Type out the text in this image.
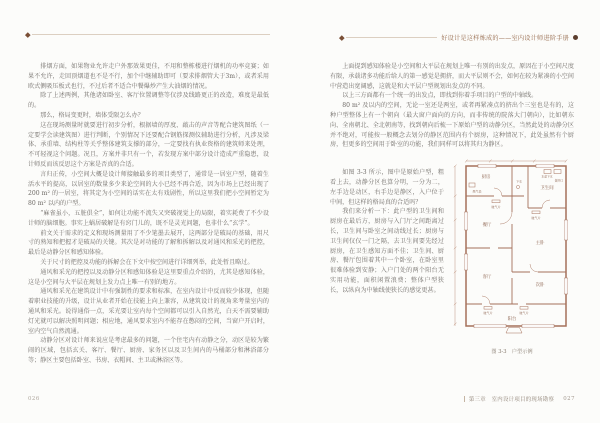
排烟方面，如果物业允许走户外那效果更佳，不用和整栋楼进行烟机的功率竞赛；如果不允许，走回顶烟道也不是不行，加个中继辅助即可（要求排烟管大于3m），或者采用欧式侧吸压板式也行，不过后者不适合中餐爆炒产生大油烟的情况。

除了上述两例，其他诸如卧室、客厅位置调整等仅涉及线路更正的改造，难度是最低的。

那么，格局变更时，墙体受限怎么办？

这在现场测量时就要进行初步分析，根据墙的厚度、敲击的声音等配合建筑图纸（一定要学会读建筑图）进行判断，个别情况下还要配合钢筋探测仪辅助进行分析，凡涉及梁体、承重墙、结构柱等关乎整体建筑支撑的部分，一定要找有执业资格的建筑师来处理，不可轻视这个问题。况且，方案并非只有一个，若发现方案中部分设计造成严重隐患，设计师反而该反思这个方案是否真的合适。

言归正传，小空间大概是设计师接触最多的项目类型了，通常是一居室户型，随着生活水平的提高，以居室的数量多少来论空间的大小已经不再合适，因为市场上已经出现了 200 m² 的一居室，将其定为小空间的话实在太有戏剧性，所以这里我们把小空间暂定为 80 m² 以内的户型。

“麻雀虽小，五脏俱全”，如何让功能不流失又突破视觉上的局限，着实耗费了不少设计师的脑细胞。事实上蜗居破解是有窍门儿的，既不是灵光问题，也非什么“玄学”。

前文关于需求的定义和现场测量用了不少笔墨去展开，这两部分是破局的基础，用尺寸的熟知和把握才是破局的关键。其次是对功能的了解和拆解以及对通风和采光的把控，最后是动静分区和感知体验。

关于尺寸的把控及功能的拆解会在下文中按空间进行详细列举，此处暂且略过。

通风和采光的把控以及动静分区和感知体验是这里要重点介绍的，尤其是感知体验，这是小空间与大平层在规划上发力点上唯一有别的地方。

通风和采光在建筑设计中有强制性的要求和标准，在室内设计中反而较少体现，但随着职业技能的升级，设计从业者开始在技能上向上兼容，从建筑设计的视角来考量室内的通风和采光。说得通俗一点，采光要让室内每个空间都可以引入自然光，白天不需要辅助灯光就可以解决照明问题；相应地，通风要求室内不能存在憋闷的空间，当窗户开启时，室内空气自然流通。

动静分区对设计师来说应是考虑最多的问题，一个住宅内有动静之分，动区是较为繁闹的区域，包括玄关、客厅、餐厅、厨房、家务区以及卫生间内的马桶部分和淋浴部分等；静区主要包括卧室、书房、衣帽间、主卫或淋浴区等。

026
好设计是这样炼成的——室内设计师进阶手册

上面提到感知体验是小空间和大平层在规划上唯一有别的出发点，原因在于小空间尺度有限，承载诸多功能后给人的第一感觉是拥挤，而大平层则不会，如何在较为紧凑的小空间中营造出宽阔感，这就是和大平层户型规划出发点的不同。

以上三方面都有一个统一的出发点，即找到你着手项目的户型的中轴线。

80 m² 及以内的空间，无论一室还是两室，或者再紧凑点的挤出个三室也是有的，这种户型整体上有一个朝向（最大窗户面向的方向，而非传统的院落大门朝向），比如朝东向、全南朝北、全北朝南等，找到朝向后梳一下原始户型的动静分区，当然此处的动静分区并不绝对，可能按一般概念去划分的静区范围内有个厨房，这种情况下，此处虽然有个厨房，但更多的空间用于卧室的功能，我们同样可以将其归为静区。

厨房
燃气表
下水
水盆下水
烟井口
卫生间
暖气片
暖气片
餐厅
主卧
客厅
次卧
暖气片	暖气片
阳台
图 3-3　户型示例

如图 3-3 所示，图中是原始户型，粗看上去，动静分区也算分明，一分为二，左手边是动区，右手边是静区，入户位于中间，但这样的格局真的合适吗？

我们来分析一下：此户型的卫生间和厨房在最后方，厨房与入门厅之间距离过长，卫生间与卧室之间动线过长；厨房与卫生间仅仅一门之隔，去卫生间要先经过厨房，在卫生感知方面不佳；卫生间、厨房、餐厅包围着其中一个卧室，在卧室里很难体验到安静；入户门处的两个阳台无实用功能，面积闲置浪费；整体户型狭长，以纵向为中轴线使狭长的感觉更甚。

第三章　室内设计项目的现场勘察 027
